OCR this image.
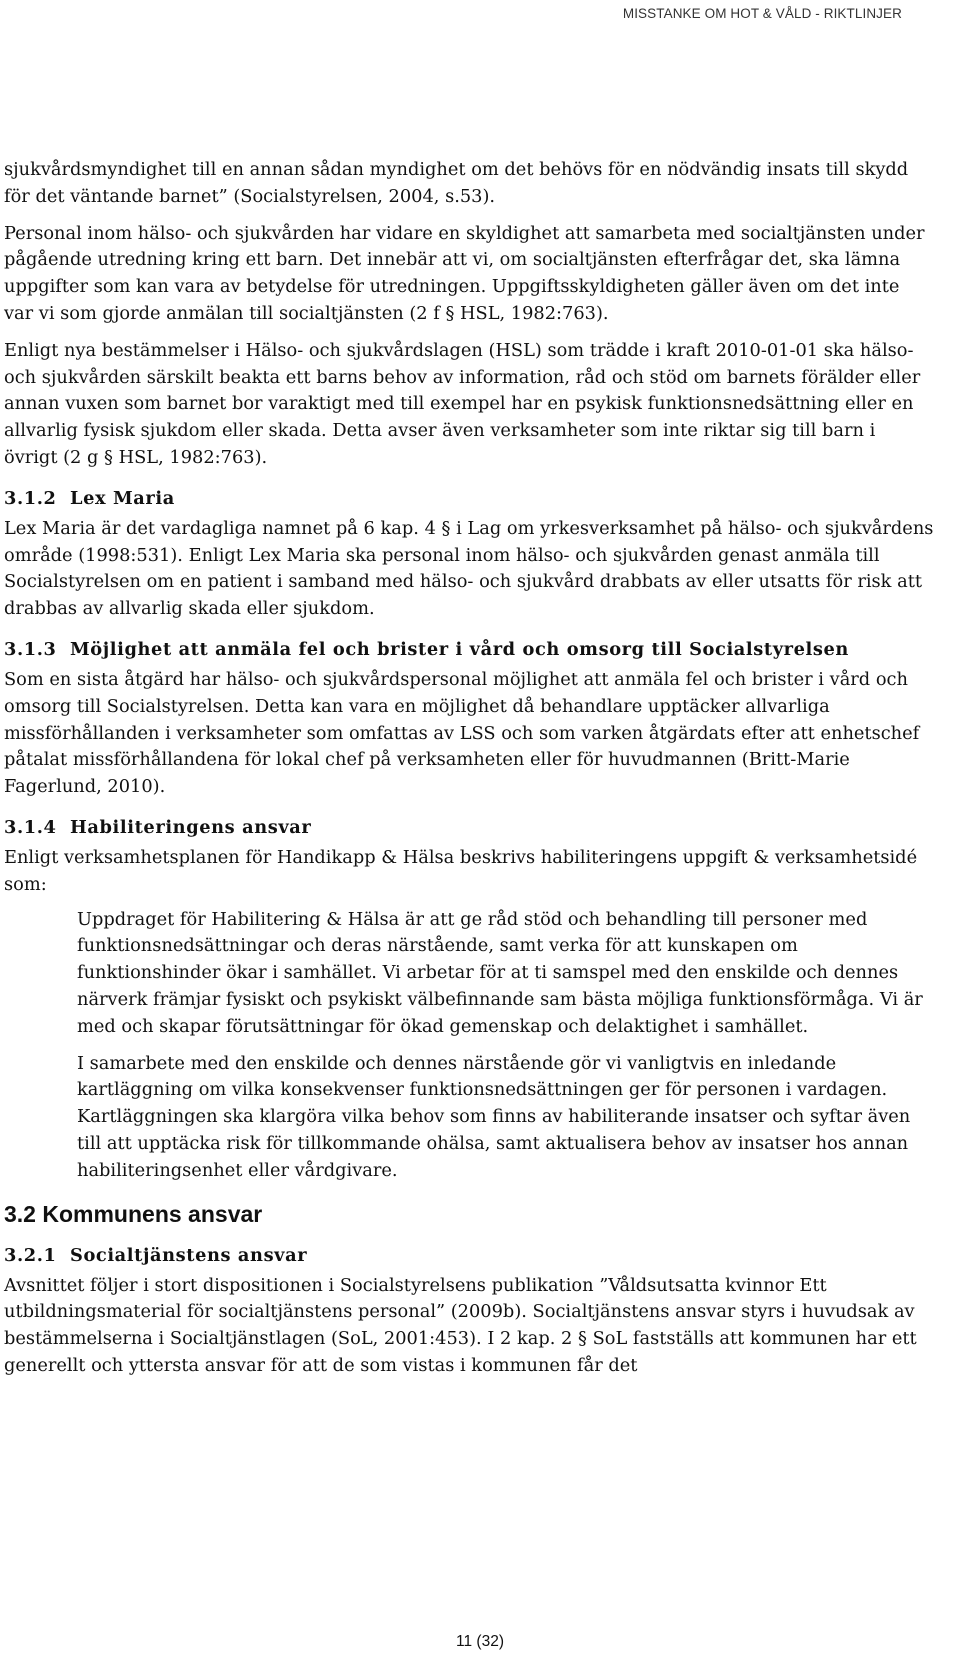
MISSTANKE OM HOT & VÅLD - RIKTLINJER

sjukvårdsmyndighet till en annan sådan myndighet om det behövs för en nödvändig insats till skydd för det väntande barnet” (Socialstyrelsen, 2004, s.53).

Personal inom hälso- och sjukvården har vidare en skyldighet att samarbeta med socialtjänsten under pågående utredning kring ett barn. Det innebär att vi, om socialtjänsten efterfrågar det, ska lämna uppgifter som kan vara av betydelse för utredningen. Uppgiftsskyldigheten gäller även om det inte var vi som gjorde anmälan till socialtjänsten (2 f § HSL, 1982:763).

Enligt nya bestämmelser i Hälso- och sjukvårdslagen (HSL) som trädde i kraft 2010-01-01 ska hälso- och sjukvården särskilt beakta ett barns behov av information, råd och stöd om barnets förälder eller annan vuxen som barnet bor varaktigt med till exempel har en psykisk funktionsnedsättning eller en allvarlig fysisk sjukdom eller skada. Detta avser även verksamheter som inte riktar sig till barn i övrigt (2 g § HSL, 1982:763).

3.1.2 Lex Maria

Lex Maria är det vardagliga namnet på 6 kap. 4 § i Lag om yrkesverksamhet på hälso- och sjukvårdens område (1998:531). Enligt Lex Maria ska personal inom hälso- och sjukvården genast anmäla till Socialstyrelsen om en patient i samband med hälso- och sjukvård drabbats av eller utsatts för risk att drabbas av allvarlig skada eller sjukdom.

3.1.3 Möjlighet att anmäla fel och brister i vård och omsorg till Socialstyrelsen

Som en sista åtgärd har hälso- och sjukvårdspersonal möjlighet att anmäla fel och brister i vård och omsorg till Socialstyrelsen. Detta kan vara en möjlighet då behandlare upptäcker allvarliga missförhållanden i verksamheter som omfattas av LSS och som varken åtgärdats efter att enhetschef påtalat missförhållandena för lokal chef på verksamheten eller för huvudmannen (Britt-Marie Fagerlund, 2010).

3.1.4 Habiliteringens ansvar

Enligt verksamhetsplanen för Handikapp & Hälsa beskrivs habiliteringens uppgift & verksamhetsidé som:

Uppdraget för Habilitering & Hälsa är att ge råd stöd och behandling till personer med funktionsnedsättningar och deras närstående, samt verka för att kunskapen om funktionshinder ökar i samhället. Vi arbetar för at ti samspel med den enskilde och dennes närverk främjar fysiskt och psykiskt välbefinnande sam bästa möjliga funktionsförmåga. Vi är med och skapar förutsättningar för ökad gemenskap och delaktighet i samhället.

I samarbete med den enskilde och dennes närstående gör vi vanligtvis en inledande kartläggning om vilka konsekvenser funktionsnedsättningen ger för personen i vardagen. Kartläggningen ska klargöra vilka behov som finns av habiliterande insatser och syftar även till att upptäcka risk för tillkommande ohälsa, samt aktualisera behov av insatser hos annan habiliteringsenhet eller vårdgivare.

3.2 Kommunens ansvar
3.2.1 Socialtjänstens ansvar

Avsnittet följer i stort dispositionen i Socialstyrelsens publikation ”Våldsutsatta kvinnor Ett utbildningsmaterial för socialtjänstens personal” (2009b). Socialtjänstens ansvar styrs i huvudsak av bestämmelserna i Socialtjänstlagen (SoL, 2001:453). I 2 kap. 2 § SoL fastställs att kommunen har ett generellt och yttersta ansvar för att de som vistas i kommunen får det

11 (32)
